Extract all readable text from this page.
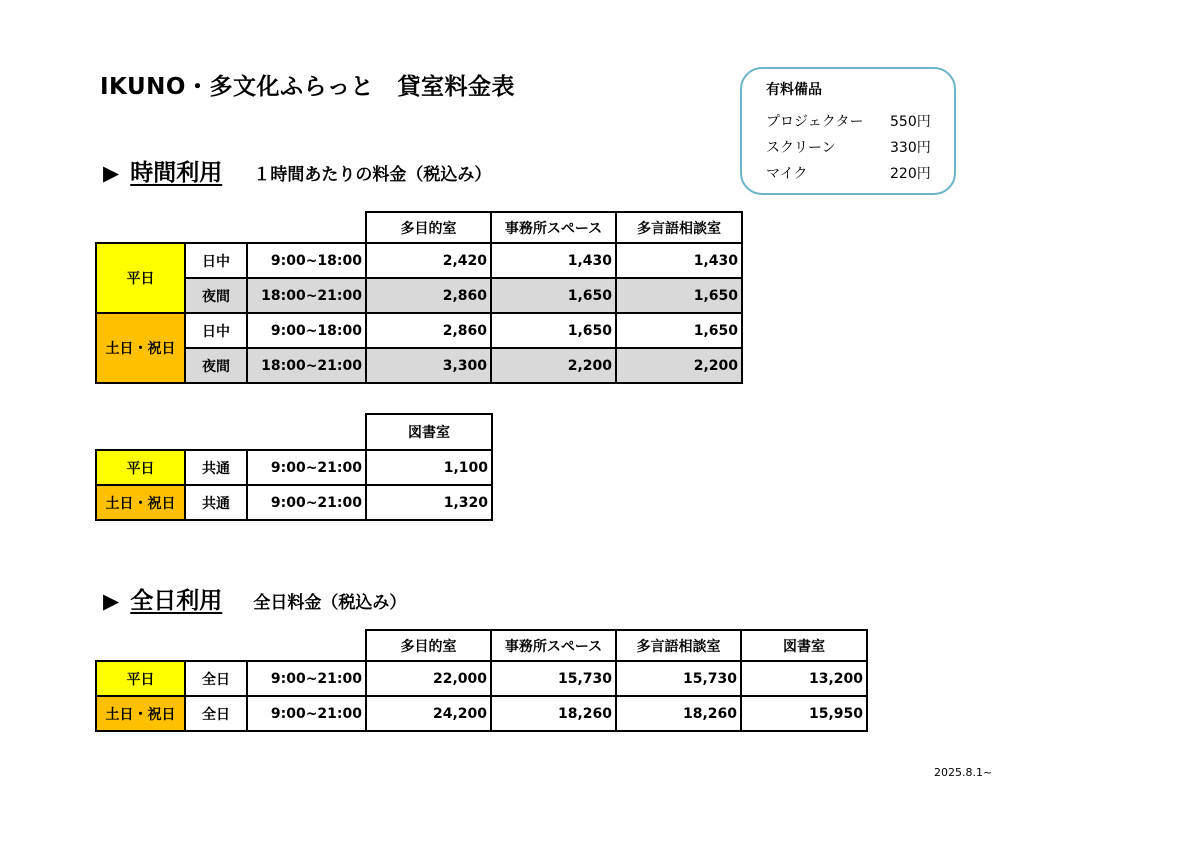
IKUNO・多文化ふらっと　貸室料金表	有料備品
プロジェクター 550円
スクリーン	330円
マイク	220円
▶ 時間利用 １時間あたりの料金（税込み）
			多目的室	事務所スペース	多言語相談室
平日	日中	9:00~18:00	2,420	1,430	1,430
	夜間	18:00~21:00	2,860	1,650	1,650
土日・祝日	日中	9:00~18:00	2,860	1,650	1,650
	夜間	18:00~21:00	3,300	2,200	2,200
			図書室
平日	共通	9:00~21:00	1,100
土日・祝日	共通	9:00~21:00	1,320
▶ 全日利用 全日料金（税込み）
			多目的室	事務所スペース	多言語相談室	図書室
平日	全日	9:00~21:00	22,000	15,730	15,730	13,200
土日・祝日	全日	9:00~21:00	24,200	18,260	18,260	15,950
2025.8.1~
